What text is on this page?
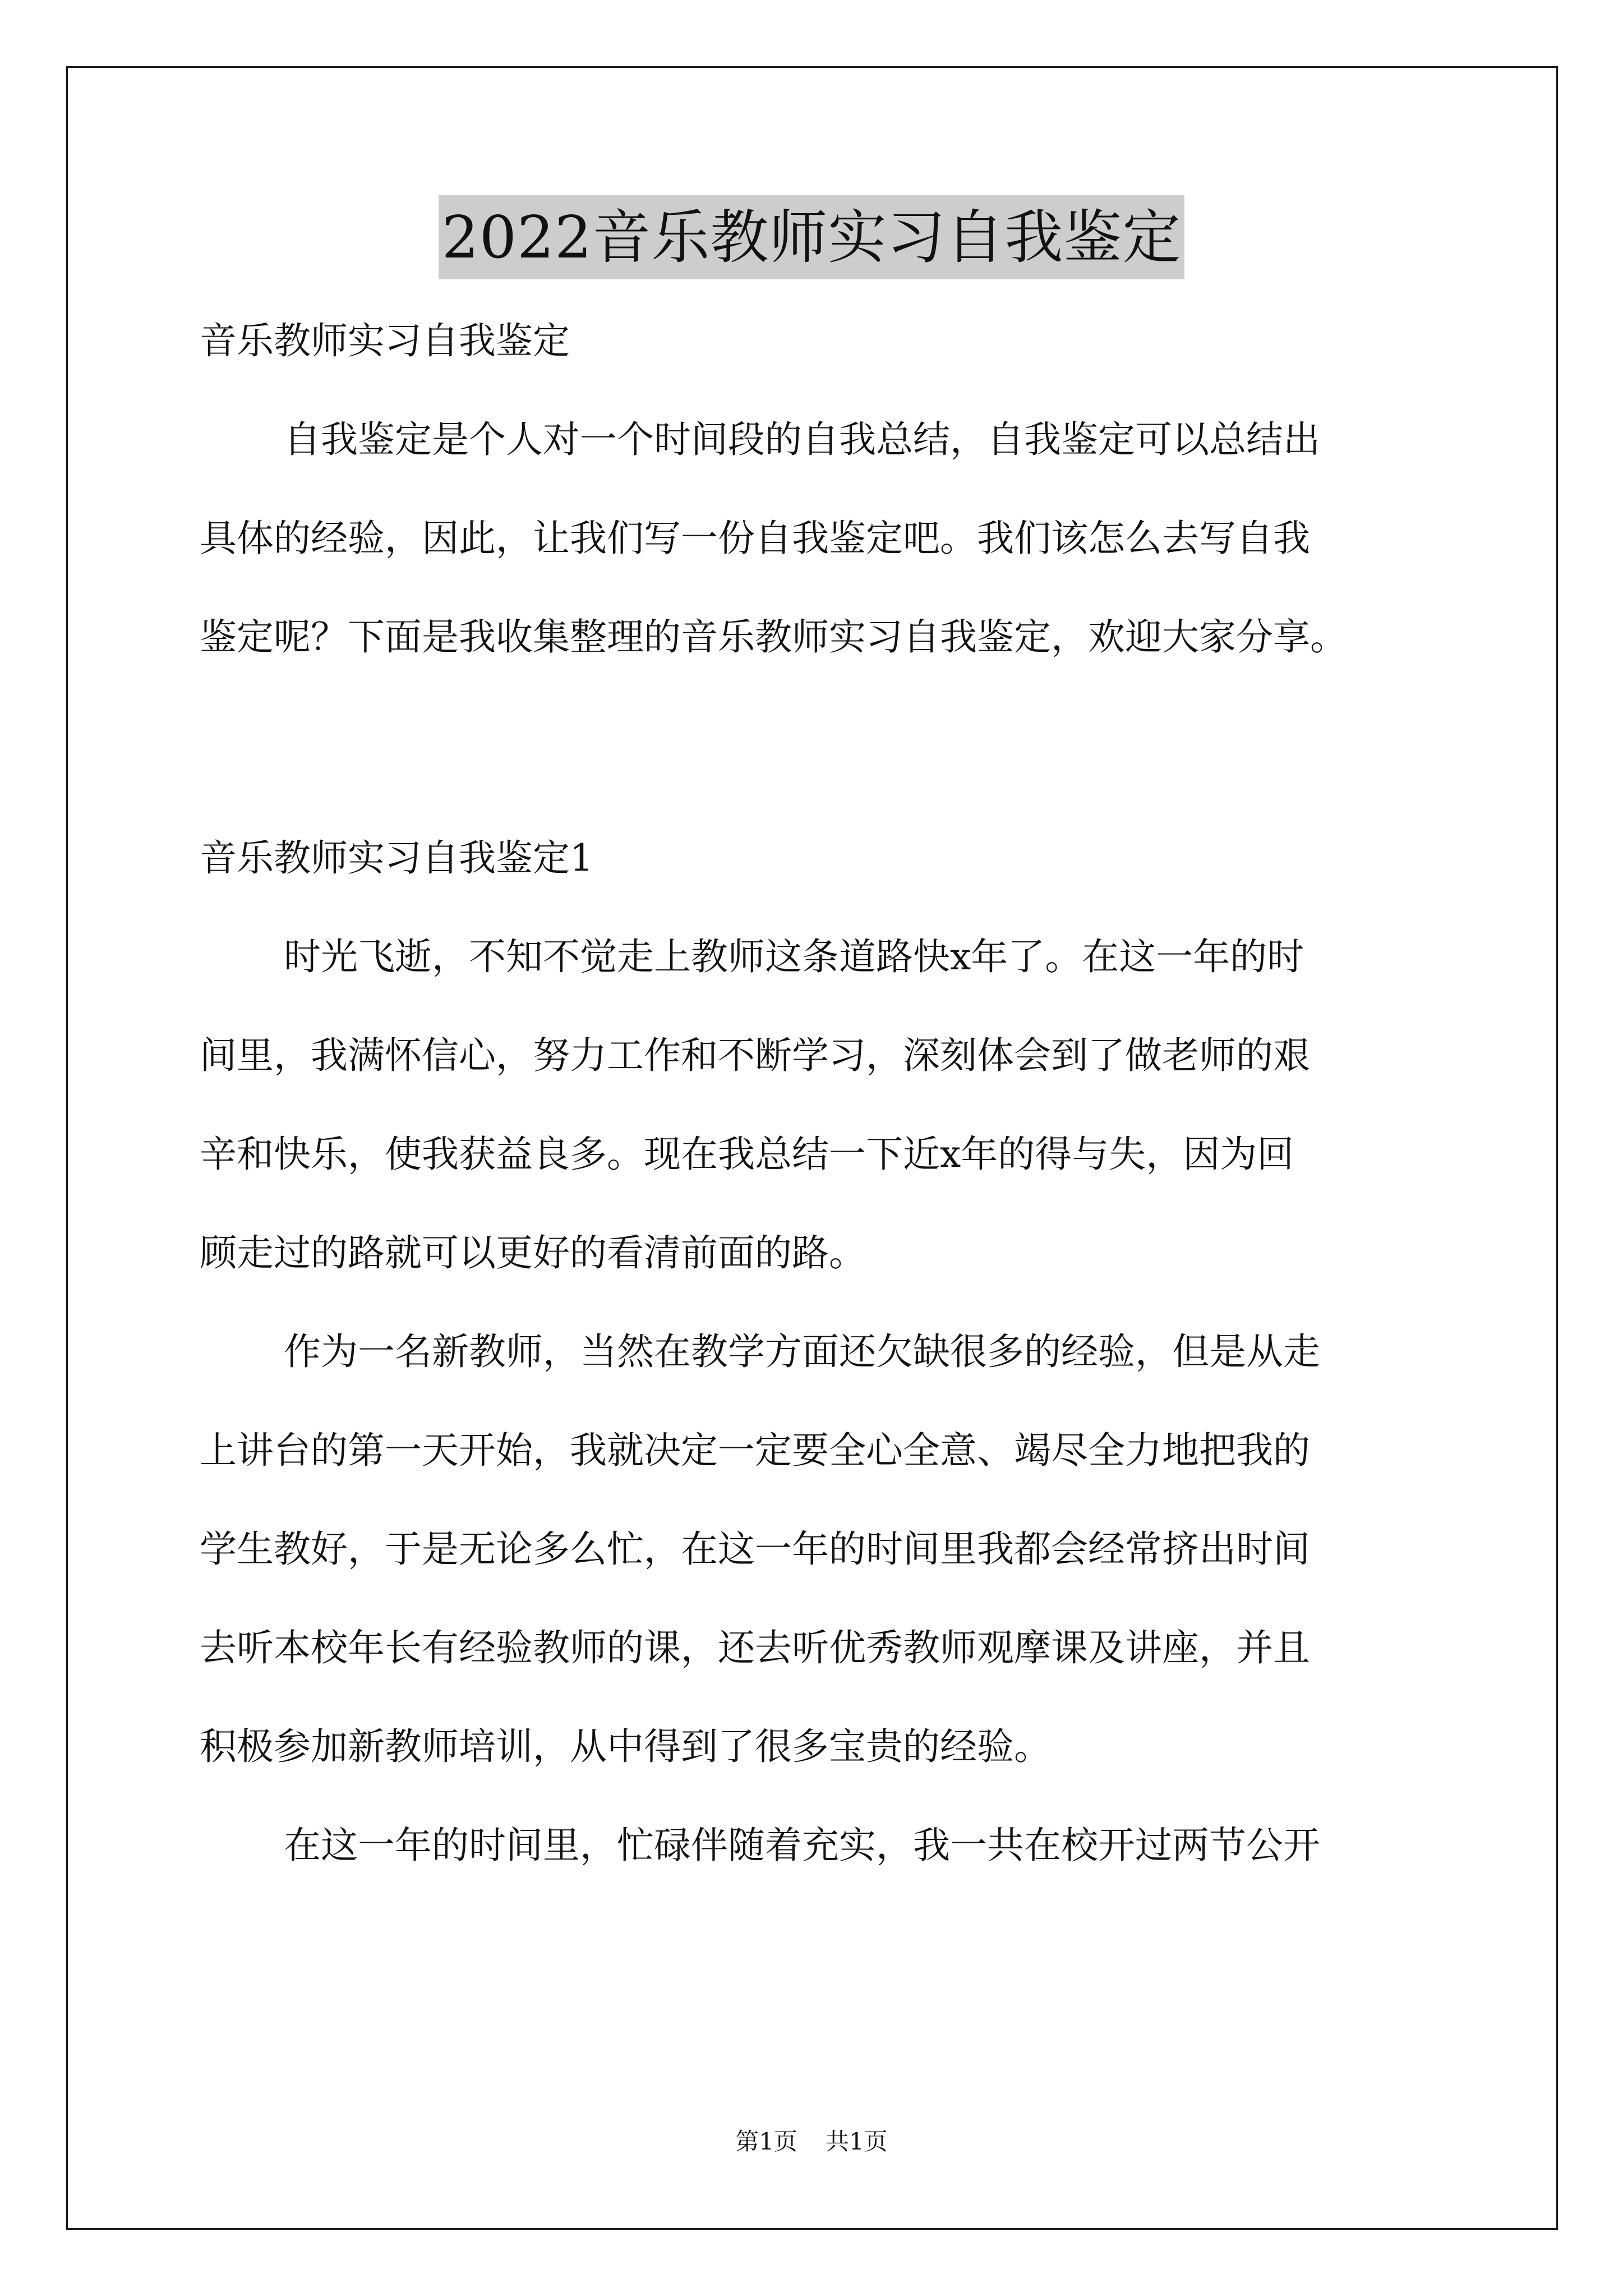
2022音乐教师实习自我鉴定
音乐教师实习自我鉴定
自我鉴定是个人对一个时间段的自我总结，自我鉴定可以总结出
具体的经验，因此，让我们写一份自我鉴定吧。我们该怎么去写自我
鉴定呢？下面是我收集整理的音乐教师实习自我鉴定，欢迎大家分享。
音乐教师实习自我鉴定1
时光飞逝，不知不觉走上教师这条道路快x年了。在这一年的时
间里，我满怀信心，努力工作和不断学习，深刻体会到了做老师的艰
辛和快乐，使我获益良多。现在我总结一下近x年的得与失，因为回
顾走过的路就可以更好的看清前面的路。
作为一名新教师，当然在教学方面还欠缺很多的经验，但是从走
上讲台的第一天开始，我就决定一定要全心全意、竭尽全力地把我的
学生教好，于是无论多么忙，在这一年的时间里我都会经常挤出时间
去听本校年长有经验教师的课，还去听优秀教师观摩课及讲座，并且
积极参加新教师培训，从中得到了很多宝贵的经验。
在这一年的时间里，忙碌伴随着充实，我一共在校开过两节公开
第1页 共1页
